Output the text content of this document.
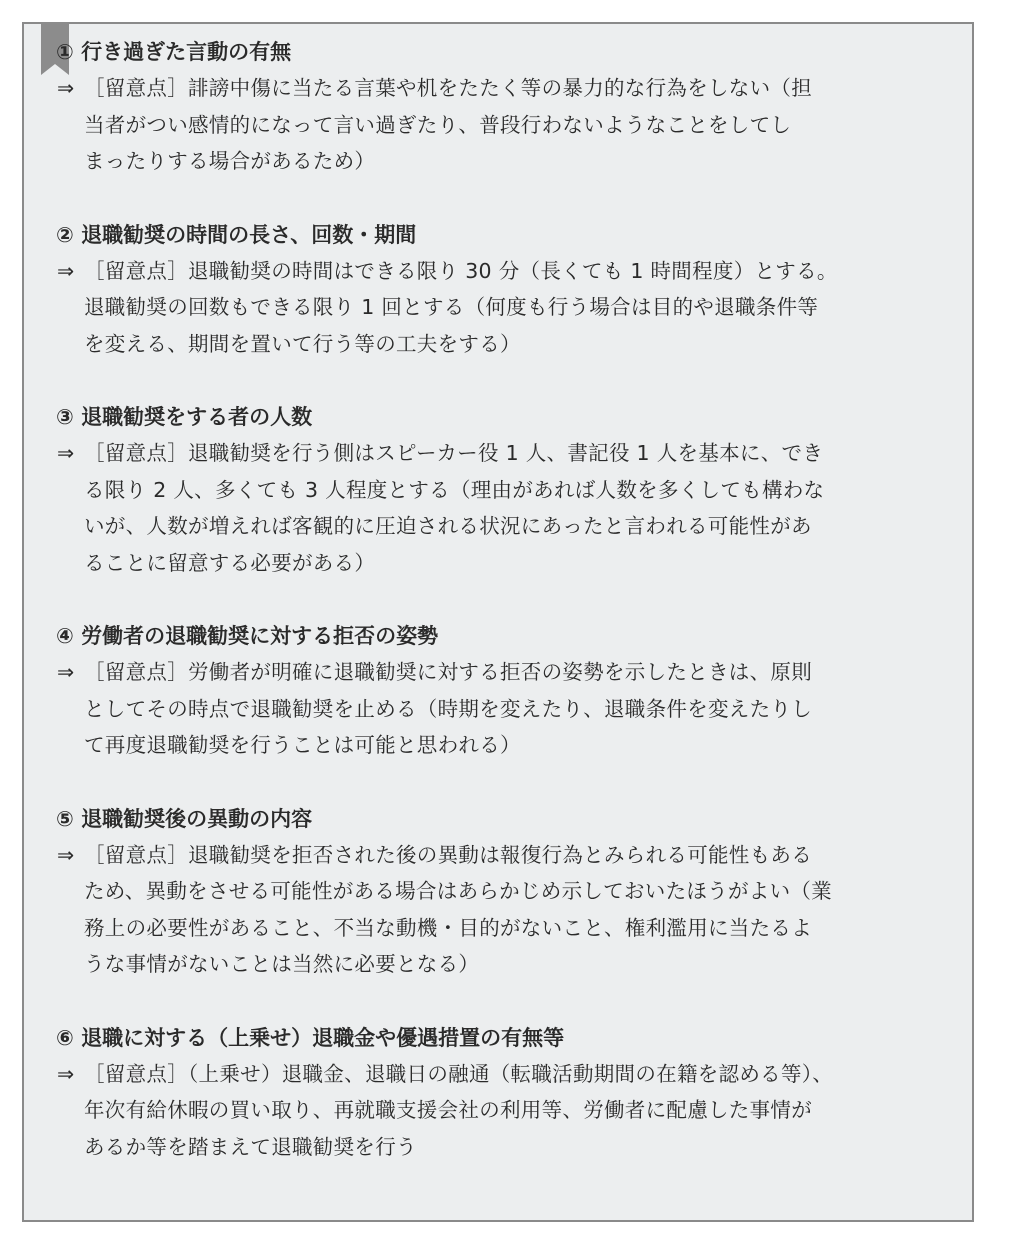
① 行き過ぎた言動の有無
⇒ ［留意点］誹謗中傷に当たる言葉や机をたたく等の暴力的な行為をしない（担
当者がつい感情的になって言い過ぎたり、普段行わないようなことをしてし
まったりする場合があるため）
② 退職勧奨の時間の長さ、回数・期間
⇒ ［留意点］退職勧奨の時間はできる限り 30 分（長くても 1 時間程度）とする。
退職勧奨の回数もできる限り 1 回とする（何度も行う場合は目的や退職条件等
を変える、期間を置いて行う等の工夫をする）
③ 退職勧奨をする者の人数
⇒ ［留意点］退職勧奨を行う側はスピーカー役 1 人、書記役 1 人を基本に、でき
る限り 2 人、多くても 3 人程度とする（理由があれば人数を多くしても構わな
いが、人数が増えれば客観的に圧迫される状況にあったと言われる可能性があ
ることに留意する必要がある）
④ 労働者の退職勧奨に対する拒否の姿勢
⇒ ［留意点］労働者が明確に退職勧奨に対する拒否の姿勢を示したときは、原則
としてその時点で退職勧奨を止める（時期を変えたり、退職条件を変えたりし
て再度退職勧奨を行うことは可能と思われる）
⑤ 退職勧奨後の異動の内容
⇒ ［留意点］退職勧奨を拒否された後の異動は報復行為とみられる可能性もある
ため、異動をさせる可能性がある場合はあらかじめ示しておいたほうがよい（業
務上の必要性があること、不当な動機・目的がないこと、権利濫用に当たるよ
うな事情がないことは当然に必要となる）
⑥ 退職に対する（上乗せ）退職金や優遇措置の有無等
⇒ ［留意点］（上乗せ）退職金、退職日の融通（転職活動期間の在籍を認める等）、
年次有給休暇の買い取り、再就職支援会社の利用等、労働者に配慮した事情が
あるか等を踏まえて退職勧奨を行う
